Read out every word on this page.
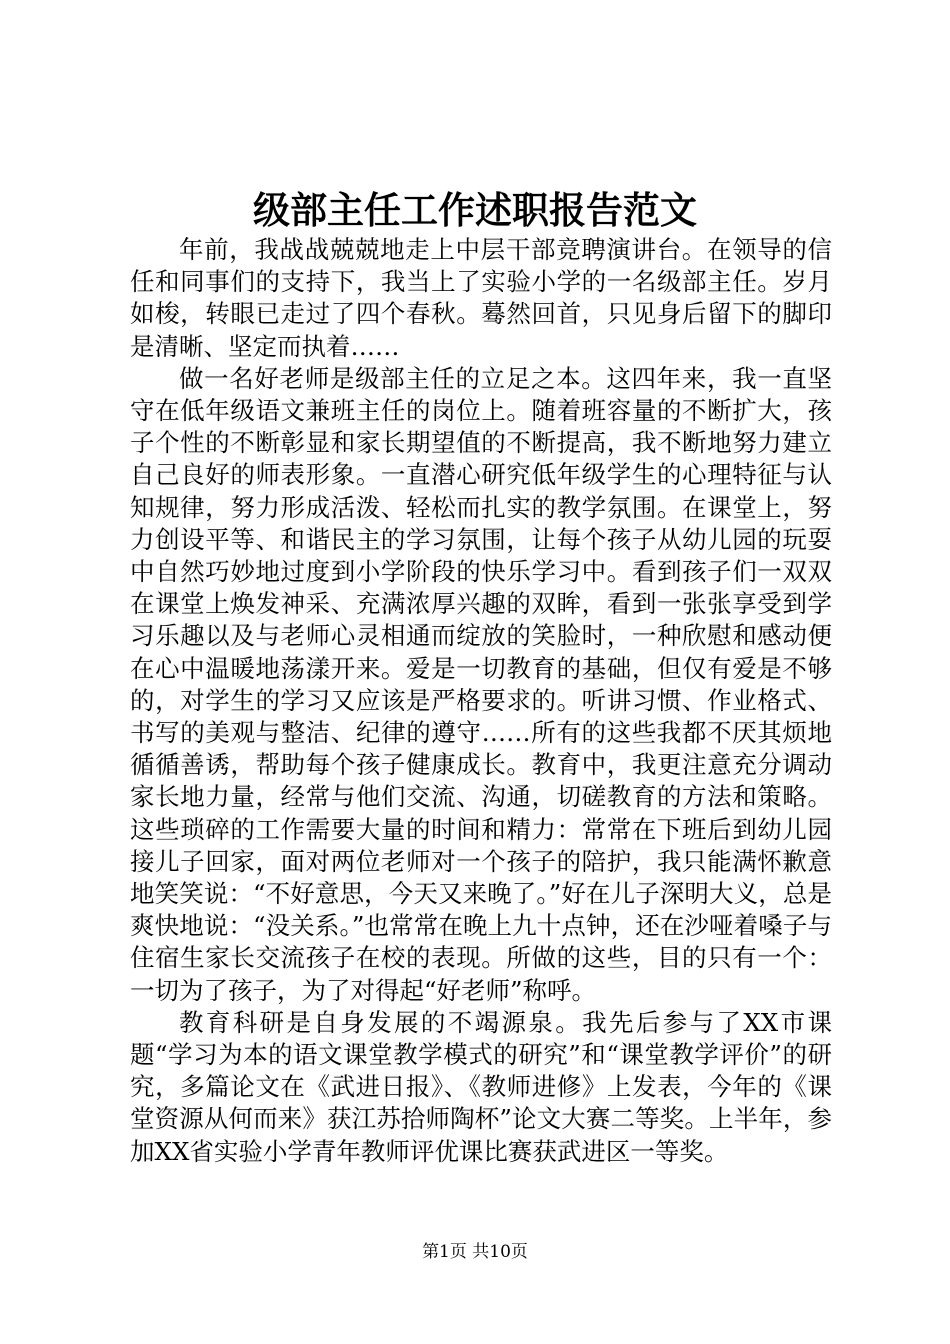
级部主任工作述职报告范文

年前，我战战兢兢地走上中层干部竞聘演讲台。在领导的信任和同事们的支持下，我当上了实验小学的一名级部主任。岁月如梭，转眼已走过了四个春秋。蓦然回首，只见身后留下的脚印是清晰、坚定而执着……

做一名好老师是级部主任的立足之本。这四年来，我一直坚守在低年级语文兼班主任的岗位上。随着班容量的不断扩大，孩子个性的不断彰显和家长期望值的不断提高，我不断地努力建立自己良好的师表形象。一直潜心研究低年级学生的心理特征与认知规律，努力形成活泼、轻松而扎实的教学氛围。在课堂上，努力创设平等、和谐民主的学习氛围，让每个孩子从幼儿园的玩耍中自然巧妙地过度到小学阶段的快乐学习中。看到孩子们一双双在课堂上焕发神采、充满浓厚兴趣的双眸，看到一张张享受到学习乐趣以及与老师心灵相通而绽放的笑脸时，一种欣慰和感动便在心中温暖地荡漾开来。爱是一切教育的基础，但仅有爱是不够的，对学生的学习又应该是严格要求的。听讲习惯、作业格式、书写的美观与整洁、纪律的遵守……所有的这些我都不厌其烦地循循善诱，帮助每个孩子健康成长。教育中，我更注意充分调动家长地力量，经常与他们交流、沟通，切磋教育的方法和策略。这些琐碎的工作需要大量的时间和精力：常常在下班后到幼儿园接儿子回家，面对两位老师对一个孩子的陪护，我只能满怀歉意地笑笑说：“不好意思，今天又来晚了。”好在儿子深明大义，总是爽快地说：“没关系。”也常常在晚上九十点钟，还在沙哑着嗓子与住宿生家长交流孩子在校的表现。所做的这些，目的只有一个：一切为了孩子，为了对得起“好老师”称呼。

教育科研是自身发展的不竭源泉。我先后参与了XX市课题“学习为本的语文课堂教学模式的研究”和“课堂教学评价”的研究，多篇论文在《武进日报》、《教师进修》上发表，今年的《课堂资源从何而来》获江苏拾师陶杯”论文大赛二等奖。上半年，参加XX省实验小学青年教师评优课比赛获武进区一等奖。

第1页 共10页
